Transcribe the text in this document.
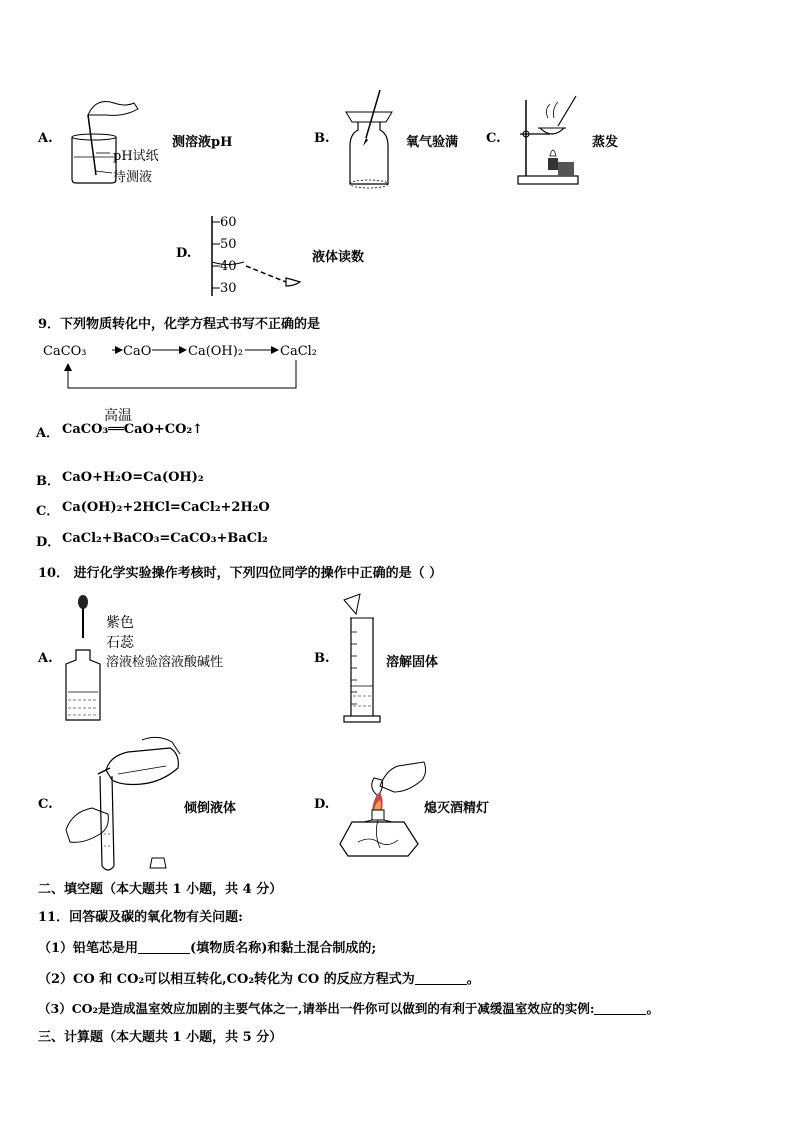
A.
pH试纸
待测液
测溶液pH	B.	氧气验满 C.	蒸发
D.
60
50
40
30
液体读数
9．下列物质转化中，化学方程式书写不正确的是
CaCO₃	CaO	Ca(OH)₂	CaCl₂
A．
高温
CaCO₃══CaO+CO₂↑
B． CaO+H₂O=Ca(OH)₂
C． Ca(OH)₂+2HCl=CaCl₂+2H₂O
D． CaCl₂+BaCO₃=CaCO₃+BaCl₂
10． 进行化学实验操作考核时，下列四位同学的操作中正确的是（ ）
A.
紫色
石蕊
溶液检验溶液酸碱性	B.	溶解固体
C.	倾倒液体	D.	熄灭酒精灯
二、填空题（本大题共 1 小题，共 4 分）
11．回答碳及碳的氧化物有关问题:
（1）铅笔芯是用	(填物质名称)和黏土混合制成的;
（2）CO 和 CO₂可以相互转化,CO₂转化为 CO 的反应方程式为	。
（3）CO₂是造成温室效应加剧的主要气体之一,请举出一件你可以做到的有利于减缓温室效应的实例:	。
三、计算题（本大题共 1 小题，共 5 分）
